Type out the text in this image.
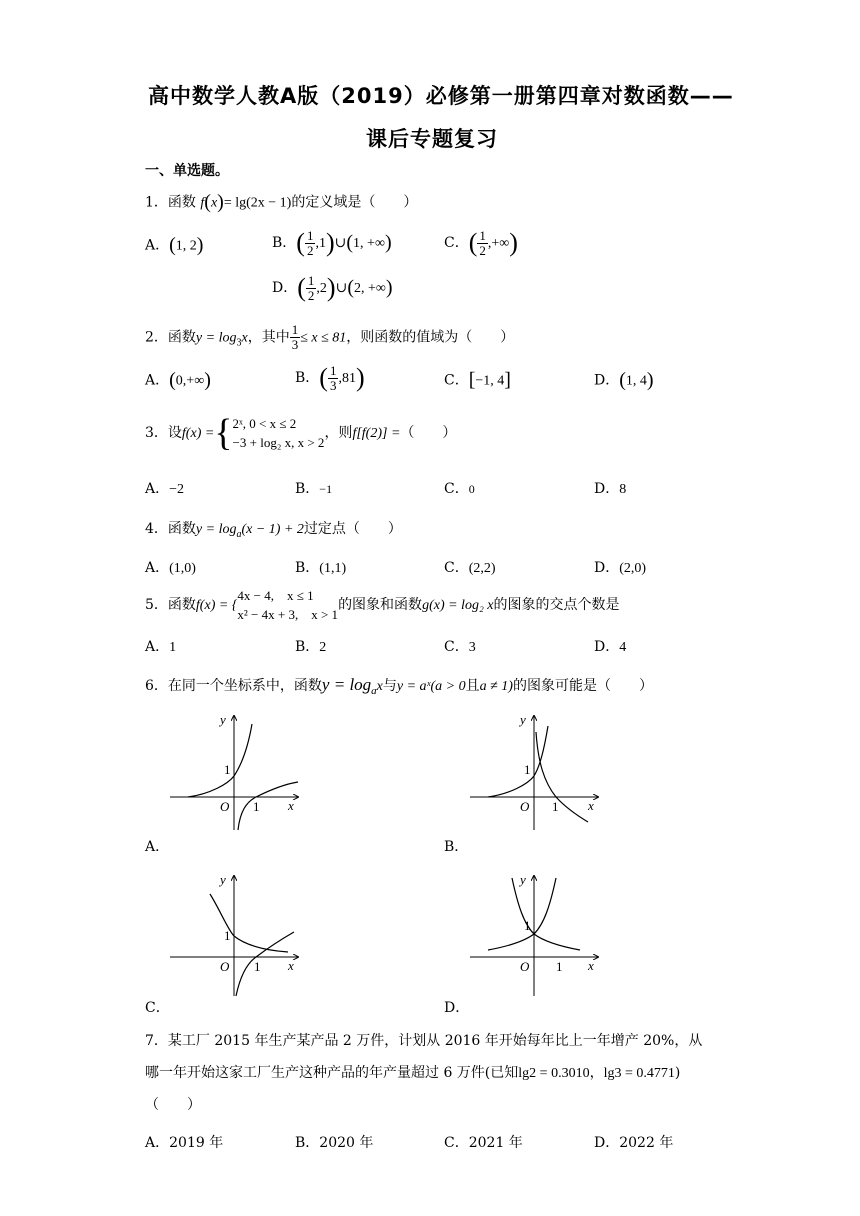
高中数学人教A版（2019）必修第一册第四章对数函数——
课后专题复习
一、单选题。
1．函数 f(x)= lg(2x − 1)的定义域是（　　）
A．(1, 2)	B．( $\frac{1}{2}$ ,1)∪(1, +∞)	C．( $\frac{1}{2}$ ,+∞)
D．( $\frac{1}{2}$ ,2)∪(2, +∞)
2．函数$y = \log_3x$，其中 $\frac{1}{3} \le x \le 81$，则函数的值域为（　　）
A．(0,+∞)	B．( $\frac{1}{3} ,81$)	C．[−1, 4]	D．(1, 4)
3．设f(x) ={ 2ˣ, 0 < x ≤ 2
−3 + log₂ x, x > 2
，则f[f(2)] =（　　）
A．−2	B．−1	C．0	D．8
4．函数$y = \log_a(x - 1) + 2$过定点（　　）
A．(1,0)	B．(1,1)	C．(2,2)	D．(2,0)
5．函数f(x) = {
4x − 4,　x ≤ 1
x² − 4x + 3,　x > 1
的图象和函数g(x) = log₂ x的图象的交点个数是
A．1	B．2	C．3	D．4
6．在同一个坐标系中，函数$y = \log_ax$与y = aˣ(a > 0且a ≠ 1)的图象可能是（　　）
y
x
O
1
1
A．
y
x
O
1
1
B．
y
x
O
1
1
C．
y
x
O
1
1
D．
7．某工厂 2015 年生产某产品 2 万件，计划从 2016 年开始每年比上一年增产 20%，从
哪一年开始这家工厂生产这种产品的年产量超过 6 万件(已知lg2 = 0.3010，lg3 = 0.4771)
（　　）
A．2019 年	B．2020 年	C．2021 年	D．2022 年
